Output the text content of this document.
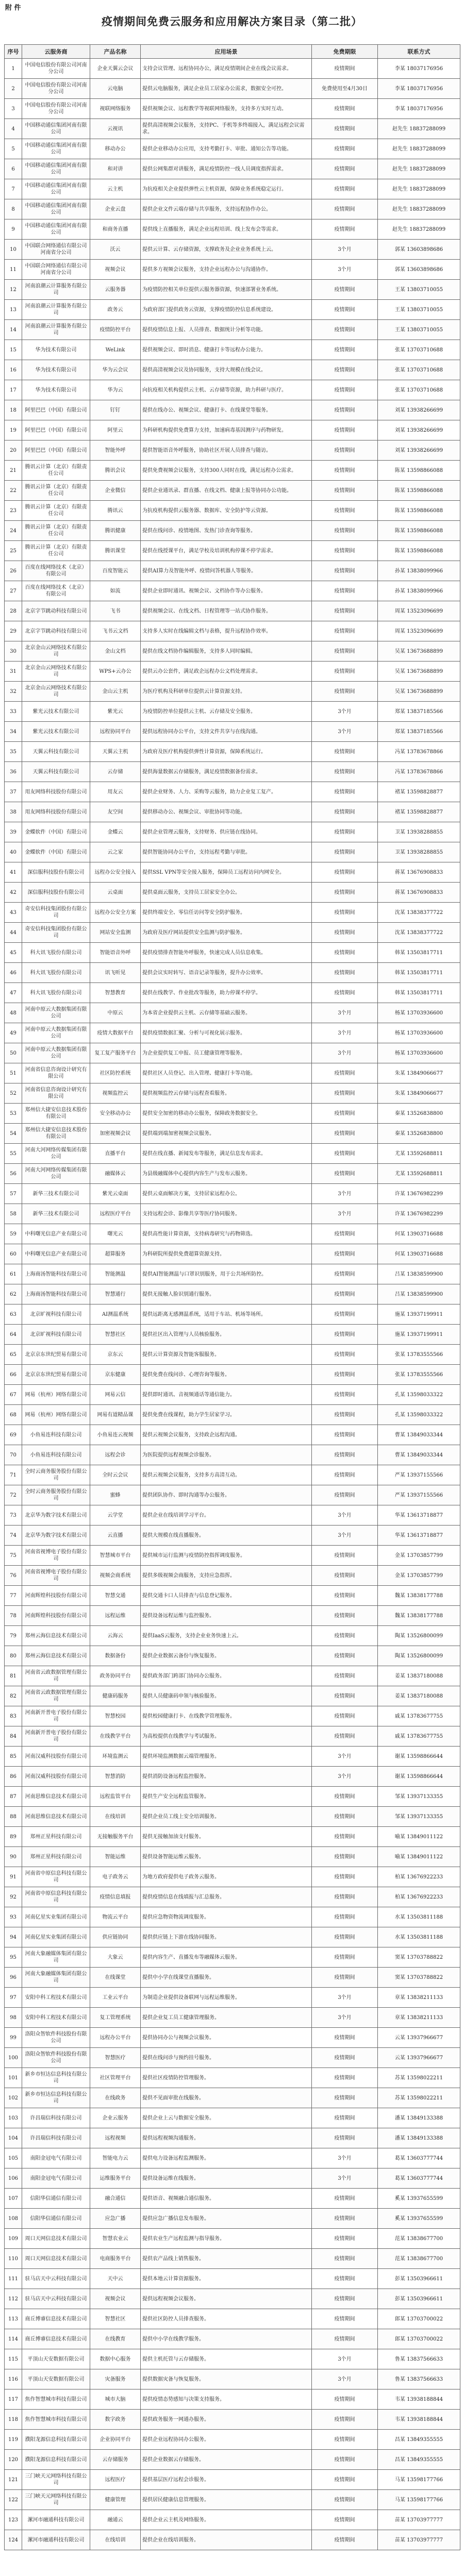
附 件
疫情期间免费云服务和应用解决方案目录（第二批）
序号	云服务商	产品名称	应用场景	免费期限	联系方式
1	中国电信股份有限公司河南分公司	企业天翼云会议	支持会议管理、远程协同办公，满足疫情期间企业在线会议需求。	疫情期间	李某 18037176956
2	中国电信股份有限公司河南分公司	云电脑	提供云电脑服务，满足企业员工居家办公需求，数据安全可控。	免费使用至4月30日	李某 18037176956
3	中国电信股份有限公司河南分公司	视联网络服务	提供视频会议、远程教学等视联网络服务，支持多方实时互动。	疫情期间	李某 18037176956
4	中国移动通信集团河南有限公司	云视讯	提供高清视频会议服务，支持PC、手机等多终端接入，满足远程会议需求。	疫情期间	赵先生 18837288099
5	中国移动通信集团河南有限公司	移动办公	提供企业移动办公应用，支持考勤打卡、审批、通知公告等功能。	疫情期间	赵先生 18837288099
6	中国移动通信集团河南有限公司	和对讲	提供公网集群对讲服务，满足疫情防控一线人员调度指挥需求。	疫情期间	赵先生 18837288099
7	中国移动通信集团河南有限公司	云主机	为抗疫相关企业提供弹性云主机资源，保障业务系统稳定运行。	疫情期间	赵先生 18837288099
8	中国移动通信集团河南有限公司	企业云盘	提供企业文件云端存储与共享服务，支持远程协作办公。	疫情期间	赵先生 18837288099
9	中国移动通信集团河南有限公司	和商务直播	提供线上直播服务，满足企业远程培训、线上发布会等需求。	疫情期间	赵先生 18837288099
10	中国联合网络通信有限公司河南省分公司	沃云	提供云计算、云存储资源，支撑政务及企业业务系统上云。	3个月	郭某 13603898686
11	中国联合网络通信有限公司河南省分公司	视频会议	提供多方视频会议服务，支持企业远程办公与沟通协作。	3个月	郭某 13603898686
12	河南浪潮云计算服务有限公司	云服务器	为疫情防控相关单位提供云服务器资源，快速部署业务系统。	疫情期间	王某 13803710055
13	河南浪潮云计算服务有限公司	政务云	为政府部门提供政务云资源，支撑疫情防控信息系统建设。	疫情期间	王某 13803710055
14	河南浪潮云计算服务有限公司	疫情防控平台	提供疫情信息上报、人员排查、数据统计分析等功能。	疫情期间	王某 13803710055
15	华为技术有限公司	WeLink	提供视频会议、即时消息、健康打卡等远程办公能力。	疫情期间	张某 13703710688
16	华为技术有限公司	华为云会议	提供高清视频会议及协同服务，支持大规模在线会议。	疫情期间	张某 13703710688
17	华为技术有限公司	华为云	向抗疫相关机构提供云主机、云存储等资源，助力科研与医疗。	疫情期间	张某 13703710688
18	阿里巴巴（中国）有限公司	钉钉	提供在线办公、视频会议、健康打卡、在线课堂等服务。	疫情期间	刘某 13938266699
19	阿里巴巴（中国）有限公司	阿里云	为科研机构提供免费算力支持，加速病毒基因测序与药物研发。	疫情期间	刘某 13938266699
20	阿里巴巴（中国）有限公司	智能外呼	提供智能语音外呼服务，协助社区开展人员排查与随访。	疫情期间	刘某 13938266699
21	腾讯云计算（北京）有限责任公司	腾讯会议	提供免费视频会议服务，支持300人同时在线，满足远程办公需求。	疫情期间	陈某 13598866088
22	腾讯云计算（北京）有限责任公司	企业微信	提供企业通讯录、群直播、在线文档、健康上报等协同办公功能。	疫情期间	陈某 13598866088
23	腾讯云计算（北京）有限责任公司	腾讯云	为抗疫机构提供云服务器、数据库、安全防护等云资源。	疫情期间	陈某 13598866088
24	腾讯云计算（北京）有限责任公司	腾讯健康	提供在线问诊、疫情地图、发热门诊查询等服务。	疫情期间	陈某 13598866088
25	腾讯云计算（北京）有限责任公司	腾讯课堂	提供在线授课平台，满足学校及培训机构停课不停学需求。	疫情期间	陈某 13598866088
26	百度在线网络技术（北京）有限公司	百度智能云	提供AI算力及智能外呼、疫情问答机器人等服务。	疫情期间	孙某 13838099966
27	百度在线网络技术（北京）有限公司	如流	提供企业即时通讯、视频会议、文档协作等办公服务。	疫情期间	孙某 13838099966
28	北京字节跳动科技有限公司	飞书	提供视频会议、在线文档、日程管理等一站式协作服务。	疫情期间	周某 13523096699
29	北京字节跳动科技有限公司	飞书云文档	支持多人实时在线编辑文档与表格，提升远程协作效率。	疫情期间	周某 13523096699
30	北京金山云网络技术有限公司	金山文档	提供在线文档协作编辑服务，支持多人同时编辑。	疫情期间	吴某 13673688899
31	北京金山云网络技术有限公司	WPS+云办公	提供云办公套件，满足政企远程办公文档处理需求。	疫情期间	吴某 13673688899
32	北京金山云网络技术有限公司	金山云主机	为医疗机构及科研单位提供云计算资源支持。	疫情期间	吴某 13673688899
33	紫光云技术有限公司	紫光云	为疫情防控单位提供云主机、云存储及安全服务。	3个月	郑某 13837185566
34	紫光云技术有限公司	远程协同平台	提供远程协同办公平台，支持文件共享与在线沟通。	3个月	郑某 13837185566
35	天翼云科技有限公司	天翼云主机	为政府及医疗机构提供弹性计算资源，保障系统运行。	疫情期间	冯某 13783678866
36	天翼云科技有限公司	云存储	提供海量数据云存储服务，满足疫情数据备份需求。	疫情期间	冯某 13783678866
37	用友网络科技股份有限公司	用友云	提供企业财务、人力、采购等云服务，助力企业复工复产。	疫情期间	褚某 13598828877
38	用友网络科技股份有限公司	友空间	提供移动办公、视频会议、审批协同等功能。	疫情期间	褚某 13598828877
39	金蝶软件（中国）有限公司	金蝶云	提供企业管理云服务，支持财务、供应链在线协同。	疫情期间	卫某 13938288855
40	金蝶软件（中国）有限公司	云之家	提供智能协同办公平台，支持远程考勤与审批。	疫情期间	卫某 13938288855
41	深信服科技股份有限公司	远程办公安全接入	提供SSL VPN等安全接入服务，保障员工远程访问内网安全。	疫情期间	蒋某 13676908833
42	深信服科技股份有限公司	云桌面	提供桌面云服务，支持员工居家安全办公。	疫情期间	蒋某 13676908833
43	奇安信科技集团股份有限公司	远程办公安全方案	提供终端安全、零信任访问等安全防护服务。	疫情期间	沈某 13838377722
44	奇安信科技集团股份有限公司	网站安全监测	为政府及医疗网站提供安全监测与防护服务。	疫情期间	沈某 13838377722
45	科大讯飞股份有限公司	智能语音外呼	提供疫情排查智能外呼服务，快速完成人员信息收集。	疫情期间	韩某 13503817711
46	科大讯飞股份有限公司	讯飞听见	提供会议实时转写、语音记录等服务，提升办公效率。	疫情期间	韩某 13503817711
47	科大讯飞股份有限公司	智慧教育	提供在线教学、作业批改等服务，助力停课不停学。	疫情期间	韩某 13503817711
48	河南中原云大数据集团有限公司	中原云	为本省企业提供云主机、云存储等基础云服务。	3个月	杨某 13703936600
49	河南中原云大数据集团有限公司	疫情大数据平台	提供疫情数据汇聚、分析与可视化展示服务。	3个月	杨某 13703936600
50	河南中原云大数据集团有限公司	复工复产服务平台	为企业提供复工申报、员工健康管理等服务。	3个月	杨某 13703936600
51	河南省信息咨询设计研究有限公司	社区防控系统	提供社区人员登记、出入管理、健康打卡等功能。	疫情期间	朱某 13849066677
52	河南省信息咨询设计研究有限公司	视频监控云	提供视频监控云存储与远程查看服务。	疫情期间	朱某 13849066677
53	郑州信大捷安信息技术股份有限公司	安全移动办公	提供安全加密的移动办公服务，保障政务数据安全。	疫情期间	秦某 13526838800
54	郑州信大捷安信息技术股份有限公司	加密视频会议	提供端到端加密视频会议服务。	疫情期间	秦某 13526838800
55	河南大河网络传媒集团有限公司	直播平台	提供在线直播、新闻发布等服务，满足信息发布需求。	疫情期间	尤某 13592688811
56	河南大河网络传媒集团有限公司	融媒体云	为县级融媒体中心提供内容生产与发布云服务。	疫情期间	尤某 13592688811
57	新华三技术有限公司	紫光云桌面	提供云桌面解决方案，支持居家远程办公。	3个月	许某 13676982299
58	新华三技术有限公司	远程医疗平台	支持远程会诊、影像共享等医疗协同服务。	3个月	许某 13676982299
59	中科曙光信息产业有限公司	曙光云	提供高性能计算资源，支持病毒研究与药物筛选。	疫情期间	何某 13903716688
60	中科曙光信息产业有限公司	超算服务	为科研院所提供免费超算资源支持。	疫情期间	何某 13903716688
61	上海商汤智能科技有限公司	智能测温	提供AI智能测温与口罩识别服务，用于公共场所防控。	疫情期间	吕某 13838599900
62	上海商汤智能科技有限公司	智慧通行	提供无接触人脸识别通行服务。	疫情期间	吕某 13838599900
63	北京旷视科技有限公司	AI测温系统	提供远距离无感测温系统，适用于车站、机场等场所。	疫情期间	施某 13937199911
64	北京旷视科技有限公司	智慧社区	提供社区出入管理与人员核验服务。	疫情期间	施某 13937199911
65	北京京东世纪贸易有限公司	京东云	提供云计算资源及智能客服服务。	疫情期间	张某 13783555566
66	北京京东世纪贸易有限公司	京东健康	提供免费在线问诊、心理咨询等服务。	疫情期间	张某 13783555566
67	网易（杭州）网络有限公司	网易云信	提供即时通讯、音视频通话等通信能力。	疫情期间	孔某 13598033322
68	网易（杭州）网络有限公司	网易有道精品课	提供免费在线课程，助力学生居家学习。	疫情期间	孔某 13598033322
69	小鱼易连科技有限公司	小鱼易连云视频	提供云视频会议服务，支持政企远程沟通。	疫情期间	曹某 13849033344
70	小鱼易连科技有限公司	远程会诊	为医院提供远程视频会诊服务。	疫情期间	曹某 13849033344
71	全时云商务服务股份有限公司	全时云会议	提供云视频会议服务，支持多方高清互动。	疫情期间	严某 13937155566
72	全时云商务服务股份有限公司	蜜蜂	提供团队协作、即时沟通等办公服务。	疫情期间	严某 13937155566
73	北京华为数字技术有限公司	云学堂	提供企业在线培训学习平台。	3个月	华某 13613718877
74	北京华为数字技术有限公司	云直播	提供大规模在线直播服务。	3个月	华某 13613718877
75	河南省视博电子股份有限公司	智慧城市平台	提供城市运行监测与疫情防控指挥调度服务。	疫情期间	金某 13703857799
76	河南省视博电子股份有限公司	视频会商系统	提供多级视频会商服务，支持应急指挥。	疫情期间	金某 13703857799
77	河南辉煌科技股份有限公司	智慧交通	提供交通卡口人员排查与信息登记服务。	疫情期间	魏某 13838177788
78	河南辉煌科技股份有限公司	远程运维	提供设备远程运维与监控服务。	疫情期间	魏某 13838177788
79	郑州云海信息技术有限公司	云海云	提供IaaS云服务，支持企业业务快速上云。	疫情期间	陶某 13526800099
80	郑州云海信息技术有限公司	数据备份	提供企业数据云备份与恢复服务。	疫情期间	陶某 13526800099
81	河南省云政数据管理有限公司	政务协同平台	提供政务部门跨部门协同办公服务。	疫情期间	姜某 13837180088
82	河南省云政数据管理有限公司	健康码服务	提供人员健康码申领与核验服务。	疫情期间	姜某 13837180088
83	河南新开普电子股份有限公司	智慧校园	提供校园健康打卡、在线教学管理服务。	疫情期间	戚某 13783677755
84	河南新开普电子股份有限公司	在线教学平台	为高校提供在线教学与考试服务。	疫情期间	戚某 13783677755
85	河南汉威科技股份有限公司	环境监测云	提供环境监测数据云端管理服务。	3个月	谢某 13598866644
86	河南汉威科技股份有限公司	智慧消防	提供消防设备远程监控服务。	3个月	谢某 13598866644
87	河南思维信息技术有限公司	远程监管平台	提供生产安全远程监管服务。	疫情期间	邹某 13937133355
88	河南思维信息技术有限公司	在线培训	提供企业员工线上安全培训服务。	疫情期间	邹某 13937133355
89	郑州正星科技有限公司	无接触服务平台	提供无接触加油支付服务。	疫情期间	喻某 13849011122
90	郑州正星科技有限公司	智能运维	提供设备智能运维云服务。	疫情期间	喻某 13849011122
91	河南省中原信息科技有限公司	电子政务云	为地方政府提供电子政务云服务。	疫情期间	柏某 13676922233
92	河南省中原信息科技有限公司	疫情信息填报	提供疫情信息在线填报与汇总服务。	疫情期间	柏某 13676922233
93	河南亿星实业集团有限公司	物流云平台	提供应急物资物流调度服务。	疫情期间	水某 13503811188
94	河南亿星实业集团有限公司	供应链协同	提供供应链上下游在线协同服务。	疫情期间	水某 13503811188
95	河南大象融媒体集团有限公司	大象云	提供内容生产、直播发布等融媒体云服务。	疫情期间	窦某 13703788822
96	河南大象融媒体集团有限公司	在线课堂	提供中小学在线课堂直播服务。	疫情期间	窦某 13703788822
97	安阳中科工程技术有限公司	工业云平台	为制造企业提供设备联网与远程运维服务。	3个月	章某 13838211133
98	安阳中科工程技术有限公司	复工管理系统	提供企业复工员工健康管理服务。	3个月	章某 13838211133
99	洛阳众智软件科技股份有限公司	远程办公平台	提供协同办公与视频会议服务。	疫情期间	云某 13937966677
100	洛阳众智软件科技股份有限公司	智慧医疗	提供在线问诊与预约挂号服务。	疫情期间	云某 13937966677
101	新乡市恒达信息科技有限公司	社区管理平台	提供社区疫情防控管理服务。	疫情期间	苏某 13598022211
102	新乡市恒达信息科技有限公司	在线政务	提供不见面审批在线服务。	疫情期间	苏某 13598022211
103	许昌瑞信科技有限公司	企业云服务	提供企业上云与数据安全服务。	疫情期间	潘某 13849133388
104	许昌瑞信科技有限公司	远程视频	提供远程视频沟通服务。	疫情期间	潘某 13849133388
105	南阳金冠电气有限公司	智能电力云	提供电力设备远程监测服务。	3个月	葛某 13603777744
106	南阳金冠电气有限公司	运维服务平台	提供设备运维在线服务。	3个月	葛某 13603777744
107	信阳华信通信有限公司	融合通信	提供语音、视频融合通信服务。	疫情期间	奚某 13937655599
108	信阳华信通信有限公司	应急广播	提供应急广播信息发布服务。	疫情期间	奚某 13937655599
109	周口天网信息技术有限公司	智慧农业云	提供农业生产远程监测与指导服务。	疫情期间	范某 13838677700
110	周口天网信息技术有限公司	电商服务平台	提供农产品线上销售服务。	疫情期间	范某 13838677700
111	驻马店天中云科技有限公司	天中云	提供本地云计算资源服务。	疫情期间	彭某 13503966611
112	驻马店天中云科技有限公司	视频会议	提供远程视频会议服务。	疫情期间	彭某 13503966611
113	商丘博睿信息技术有限公司	智慧社区	提供社区防控人员排查服务。	疫情期间	郎某 13703700022
114	商丘博睿信息技术有限公司	在线教育	提供中小学在线教学服务。	疫情期间	郎某 13703700022
115	平顶山天安数据有限公司	数据中心服务	提供主机托管与云存储服务。	3个月	鲁某 13837566633
116	平顶山天安数据有限公司	灾备服务	提供数据灾备与恢复服务。	3个月	鲁某 13837566633
117	焦作智慧城市科技有限公司	城市大脑	提供疫情态势感知与决策支持服务。	疫情期间	韦某 13938188844
118	焦作智慧城市科技有限公司	数字政务	提供政务服务一网通办服务。	疫情期间	韦某 13938188844
119	濮阳龙源信息科技有限公司	企业协同平台	提供企业远程协同办公服务。	疫情期间	昌某 13849355555
120	濮阳龙源信息科技有限公司	云存储服务	提供企业数据云存储服务。	疫情期间	昌某 13849355555
121	三门峡天元网络科技有限公司	远程医疗	提供基层医疗远程会诊服务。	疫情期间	马某 13598177766
122	三门峡天元网络科技有限公司	健康管理	提供居民健康信息管理服务。	疫情期间	马某 13598177766
123	漯河市融通科技有限公司	融通云	提供企业云主机及网络服务。	疫情期间	苗某 13703977777
124	漯河市融通科技有限公司	在线培训	提供企业在线培训服务。	疫情期间	苗某 13703977777
